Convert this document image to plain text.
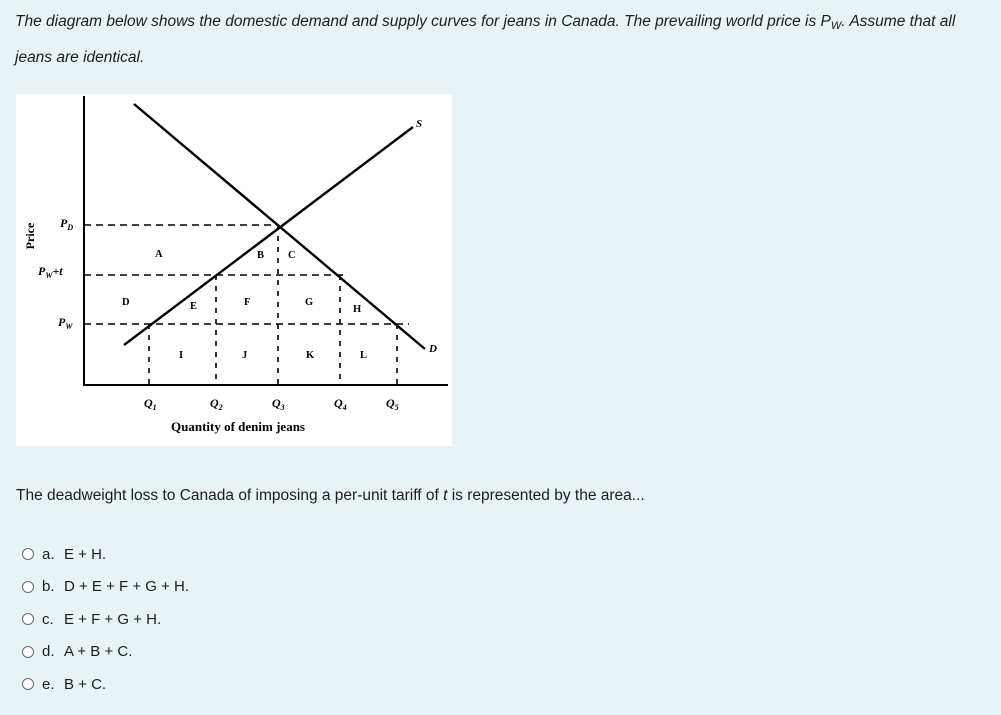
The diagram below shows the domestic demand and supply curves for jeans in Canada. The prevailing world price is PW. Assume that all jeans are identical.
Price $P_D$
$P_W+t$
$P_W$
S
D
A	B C
D	E	F	G
H
I	J	K	L
$Q_1$	$Q_2$	$Q_3$	$Q_4$	$Q_5$
Quantity of denim jeans
The deadweight loss to Canada of imposing a per-unit tariff of t is represented by the area...
a. E + H.
b. D + E + F + G + H.
c. E + F + G + H.
d. A + B + C.
e. B + C.
